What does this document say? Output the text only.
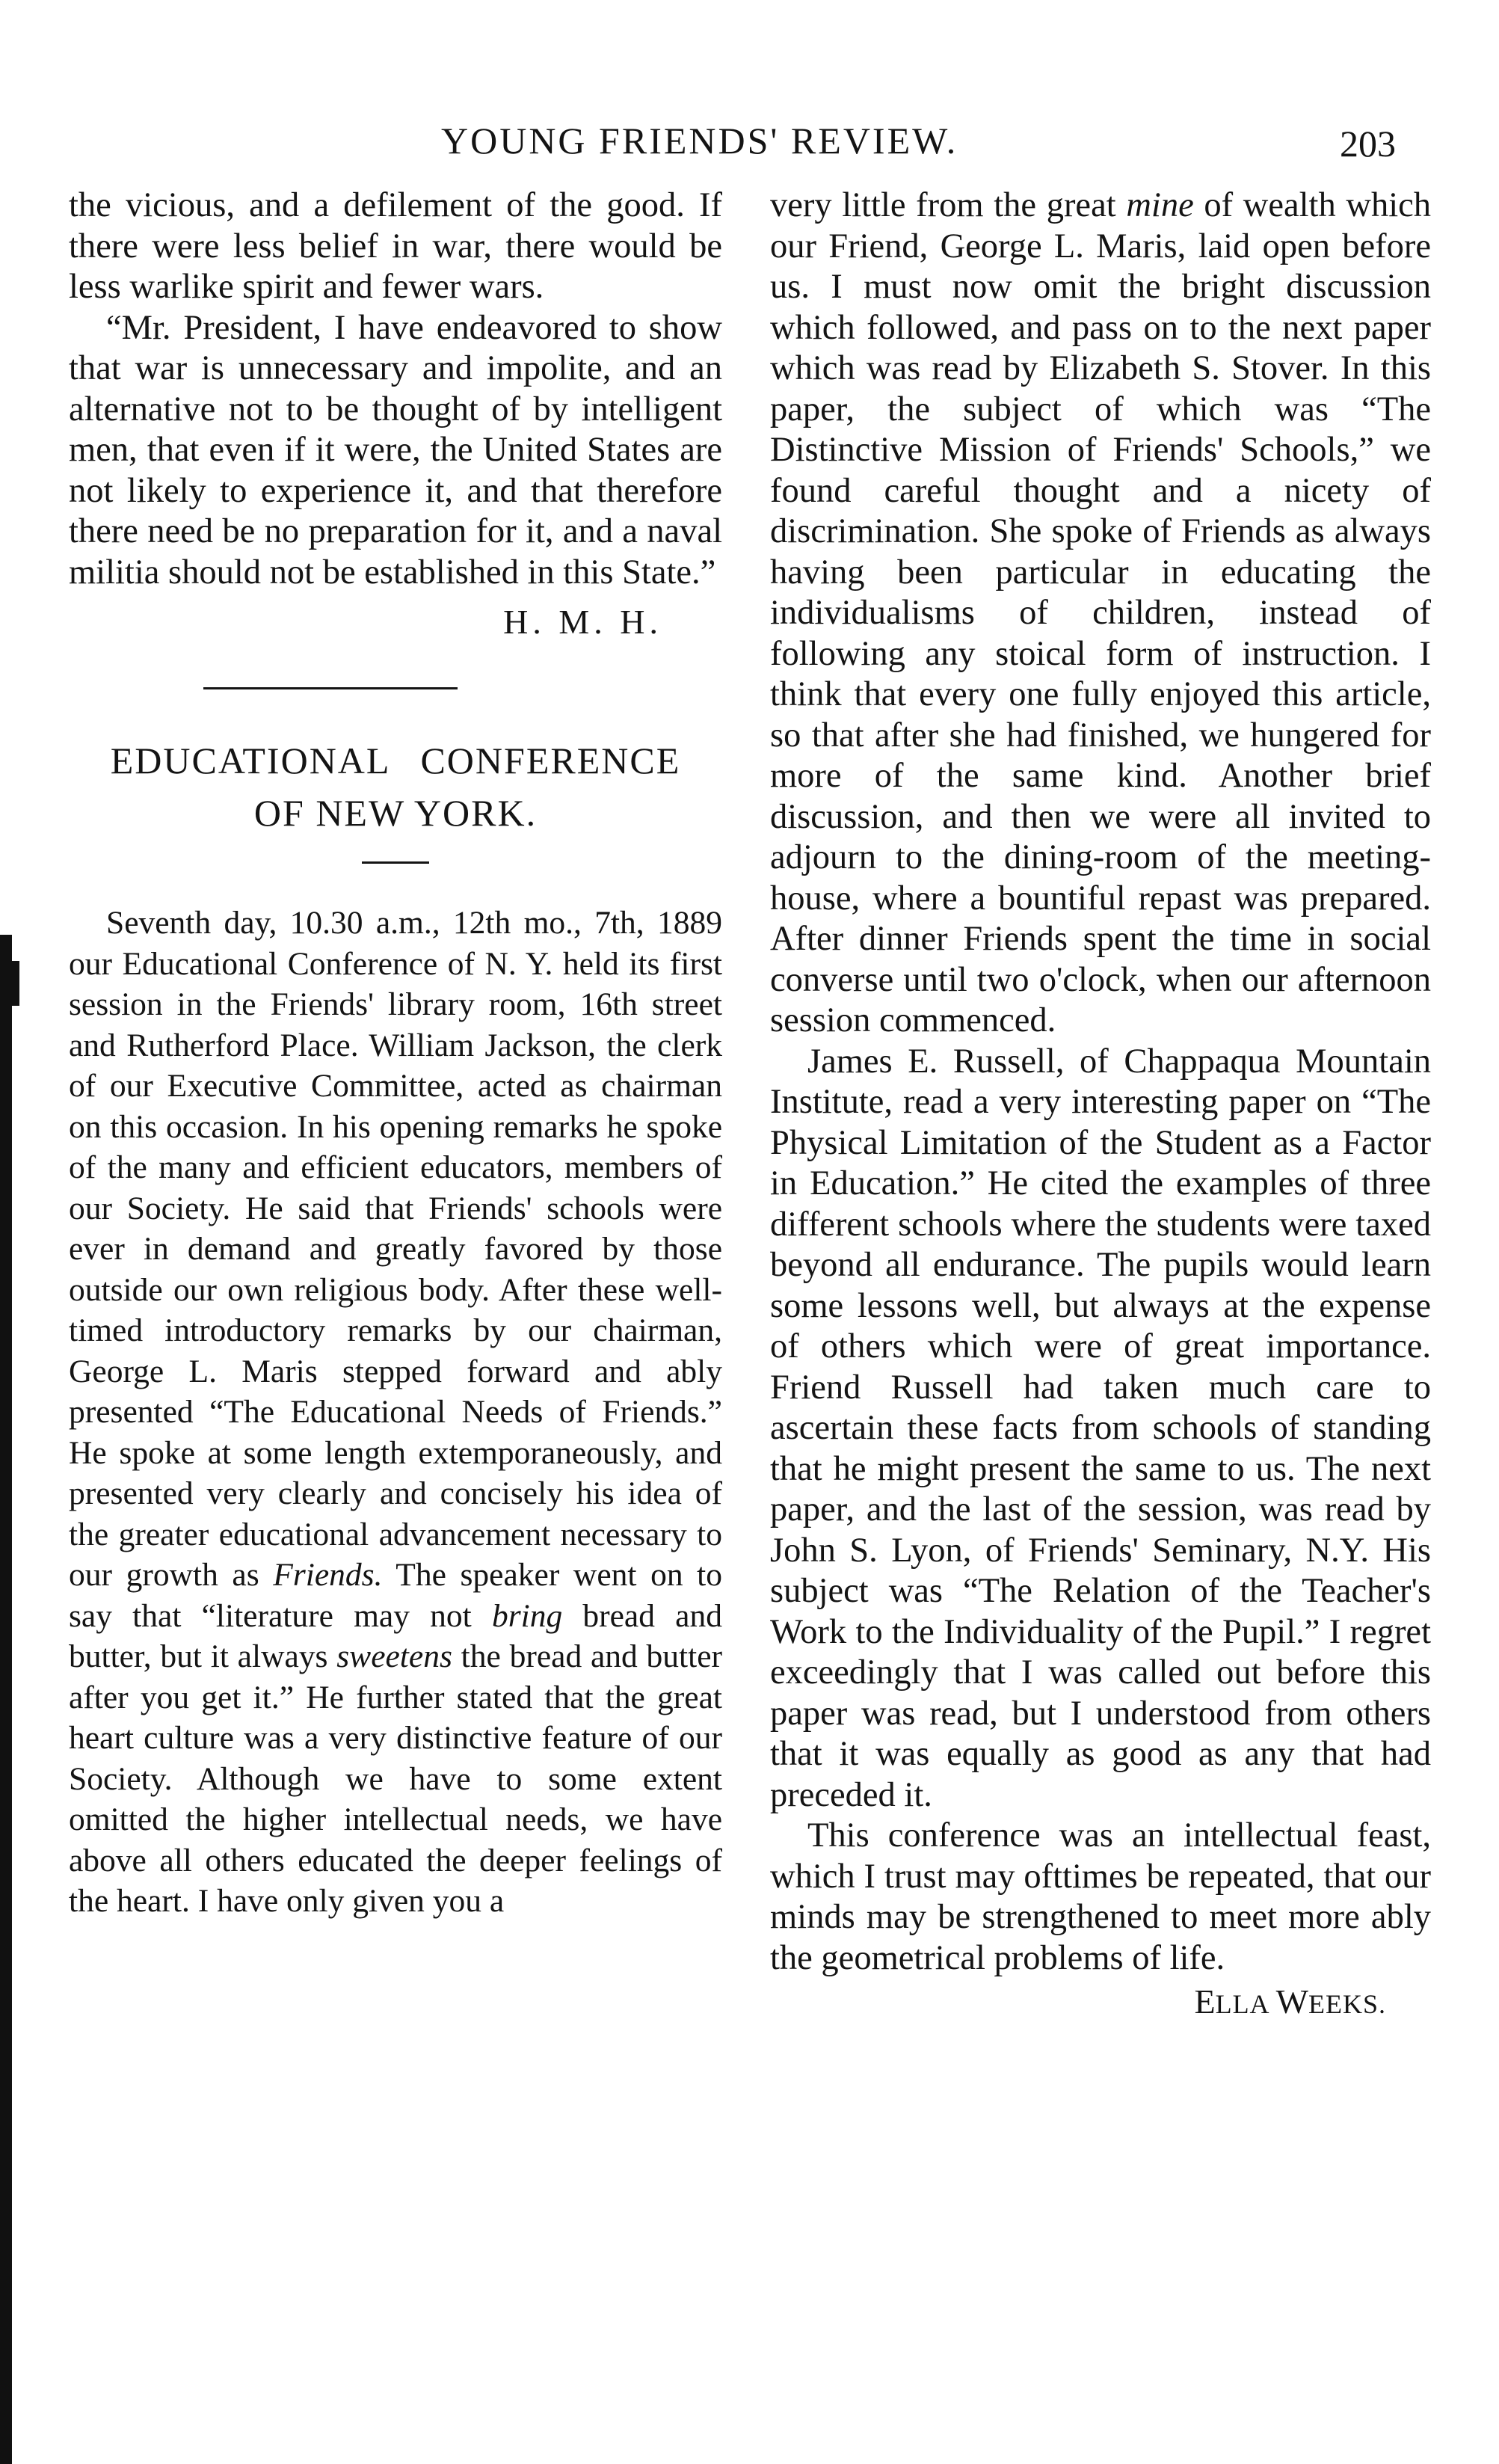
YOUNG FRIENDS' REVIEW.	203

the vicious, and a defilement of the good. If there were less belief in war, there would be less warlike spirit and fewer wars.

“Mr. President, I have endeavored to show that war is unnecessary and impolite, and an alternative not to be thought of by intelligent men, that even if it were, the United States are not likely to experience it, and that therefore there need be no preparation for it, and a naval militia should not be established in this State.”

H. M. H.

EDUCATIONAL CONFERENCE
OF NEW YORK.

Seventh day, 10.30 a.m., 12th mo., 7th, 1889 our Educational Conference of N. Y. held its first session in the Friends' library room, 16th street and Rutherford Place. William Jackson, the clerk of our Executive Committee, acted as chairman on this occasion. In his opening remarks he spoke of the many and efficient educators, members of our Society. He said that Friends' schools were ever in demand and greatly favored by those outside our own religious body. After these well-timed introductory remarks by our chairman, George L. Maris stepped forward and ably presented “The Educational Needs of Friends.” He spoke at some length extemporaneously, and presented very clearly and concisely his idea of the greater educational advancement necessary to our growth as Friends. The speaker went on to say that “literature may not bring bread and butter, but it always sweetens the bread and butter after you get it.” He further stated that the great heart culture was a very distinctive feature of our Society. Although we have to some extent omitted the higher intellectual needs, we have above all others educated the deeper feelings of the heart. I have only given you a

very little from the great mine of wealth which our Friend, George L. Maris, laid open before us. I must now omit the bright discussion which followed, and pass on to the next paper which was read by Elizabeth S. Stover. In this paper, the subject of which was “The Distinctive Mission of Friends' Schools,” we found careful thought and a nicety of discrimination. She spoke of Friends as always having been particular in educating the individualisms of children, instead of following any stoical form of instruction. I think that every one fully enjoyed this article, so that after she had finished, we hungered for more of the same kind. Another brief discussion, and then we were all invited to adjourn to the dining-room of the meeting-house, where a bountiful repast was prepared. After dinner Friends spent the time in social converse until two o'clock, when our afternoon session commenced.

James E. Russell, of Chappaqua Mountain Institute, read a very interesting paper on “The Physical Limitation of the Student as a Factor in Education.” He cited the examples of three different schools where the students were taxed beyond all endurance. The pupils would learn some lessons well, but always at the expense of others which were of great importance. Friend Russell had taken much care to ascertain these facts from schools of standing that he might present the same to us. The next paper, and the last of the session, was read by John S. Lyon, of Friends' Seminary, N.Y. His subject was “The Relation of the Teacher's Work to the Individuality of the Pupil.” I regret exceedingly that I was called out before this paper was read, but I understood from others that it was equally as good as any that had preceded it.

This conference was an intellectual feast, which I trust may ofttimes be repeated, that our minds may be strengthened to meet more ably the geometrical problems of life.

ELLA WEEKS.
